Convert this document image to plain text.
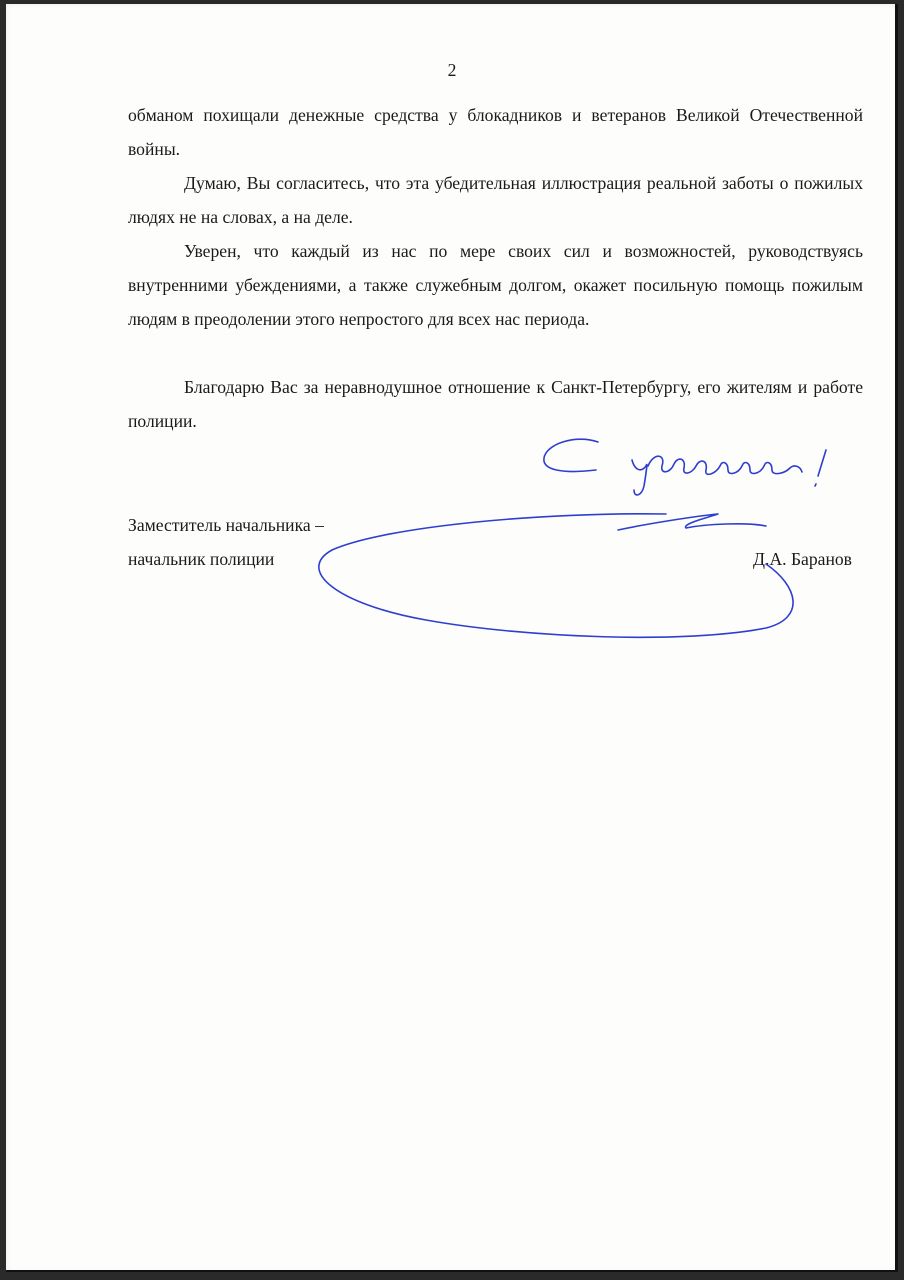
2

обманом похищали денежные средства у блокадников и ветеранов Великой Отечественной войны.

Думаю, Вы согласитесь, что эта убедительная иллюстрация реальной заботы о пожилых людях не на словах, а на деле.

Уверен, что каждый из нас по мере своих сил и возможностей, руководствуясь внутренними убеждениями, а также служебным долгом, окажет посильную помощь пожилым людям в преодолении этого непростого для всех нас периода.

Благодарю Вас за неравнодушное отношение к Санкт-Петербургу, его жителям и работе полиции.

Заместитель начальника –
начальник полиции	Д.А. Баранов
